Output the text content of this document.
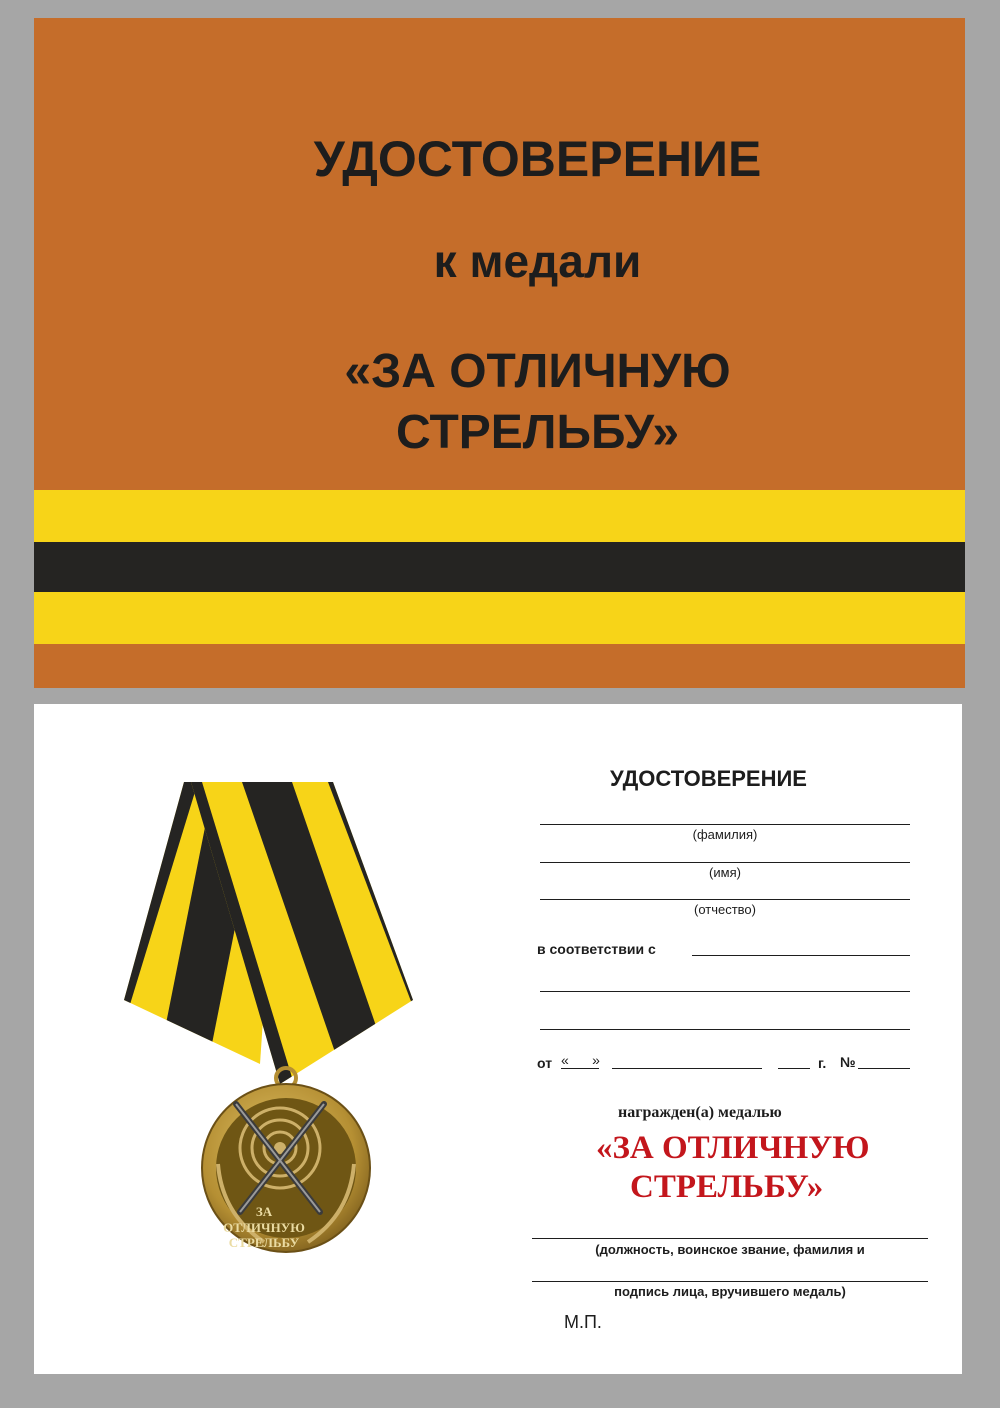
УДОСТОВЕРЕНИЕ
к медали
«ЗА ОТЛИЧНУЮ
СТРЕЛЬБУ»
ЗА
ОТЛИЧНУЮ
СТРЕЛЬБУ
УДОСТОВЕРЕНИЕ
(фамилия)
(имя)
(отчество)
в соответствии с
от «      »	г. №
награжден(а) медалью
«ЗА ОТЛИЧНУЮ
СТРЕЛЬБУ»
(должность, воинское звание, фамилия и
подпись лица, вручившего медаль)
М.П.
